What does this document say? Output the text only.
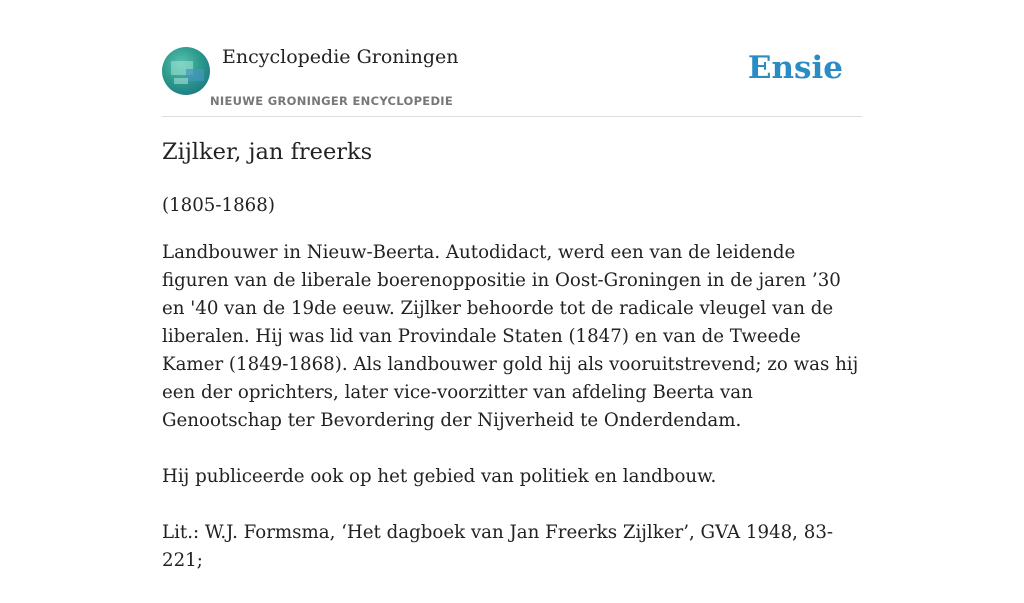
Encyclopedie Groningen
NIEUWE GRONINGER ENCYCLOPEDIE
Ensie
Zijlker, jan freerks

(1805-1868)

Landbouwer in Nieuw-Beerta. Autodidact, werd een van de leidende figuren van de liberale boerenoppositie in Oost-Groningen in de jaren ’30 en '40 van de 19de eeuw. Zijlker behoorde tot de radicale vleugel van de liberalen. Hij was lid van Provindale Staten (1847) en van de Tweede Kamer (1849-1868). Als landbouwer gold hij als vooruitstrevend; zo was hij een der oprichters, later vice-voorzitter van afdeling Beerta van Genootschap ter Bevordering der Nijverheid te Onderdendam.

Hij publiceerde ook op het gebied van politiek en landbouw.

Lit.: W.J. Formsma, ‘Het dagboek van Jan Freerks Zijlker’, GVA 1948, 83-221;
